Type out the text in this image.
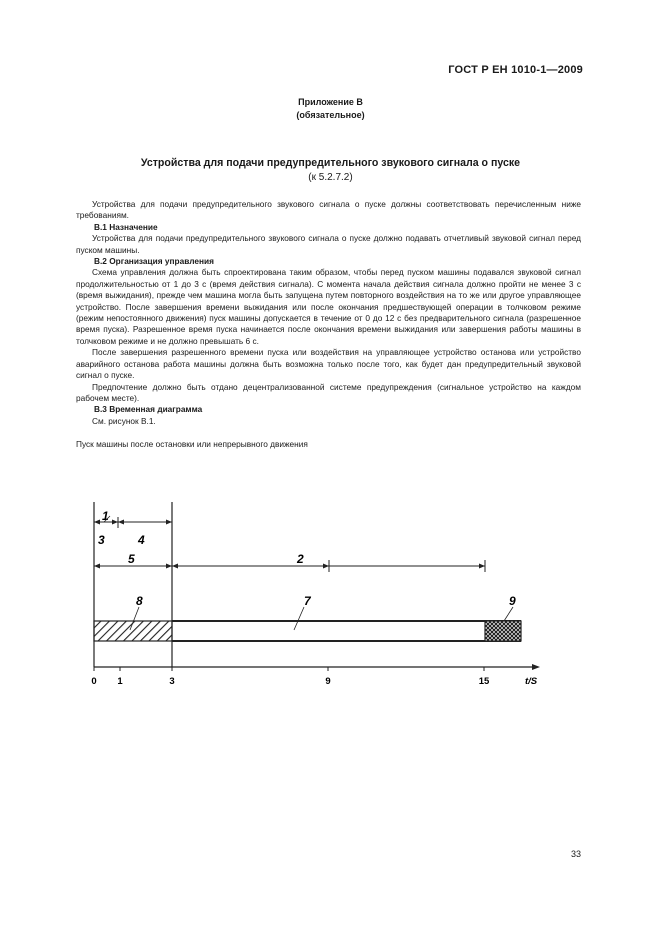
ГОСТ Р ЕН 1010-1—2009
Приложение В
(обязательное)
Устройства для подачи предупредительного звукового сигнала о пуске
(к 5.2.7.2)

Устройства для подачи предупредительного звукового сигнала о пуске должны соответствовать перечисленным ниже требованиям.

В.1 Назначение

Устройства для подачи предупредительного звукового сигнала о пуске должно подавать отчетливый звуковой сигнал перед пуском машины.

В.2 Организация управления

Схема управления должна быть спроектирована таким образом, чтобы перед пуском машины подавался звуковой сигнал продолжительностью от 1 до 3 с (время действия сигнала). С момента начала действия сигнала должно пройти не менее 3 с (время выжидания), прежде чем машина могла быть запущена путем повторного воздействия на то же или другое управляющее устройство. После завершения времени выжидания или после окончания предшествующей операции в толчковом режиме (режим непостоянного движения) пуск машины допускается в течение от 0 до 12 с без предварительного сигнала (разрешенное время пуска). Разрешенное время пуска начинается после окончания времени выжидания или завершения работы машины в толчковом режиме и не должно превышать 6 с.

После завершения разрешенного времени пуска или воздействия на управляющее устройство останова или устройство аварийного останова работа машины должна быть возможна только после того, как будет дан предупредительный звуковой сигнал о пуске.

Предпочтение должно быть отдано децентрализованной системе предупреждения (сигнальное устройство на каждом рабочем месте).

В.3 Временная диаграмма

См. рисунок В.1.

Пуск машины после остановки или непрерывного движения

1
3	4
5	2
8	7	9
0 1	3	9	15	t/S
33
